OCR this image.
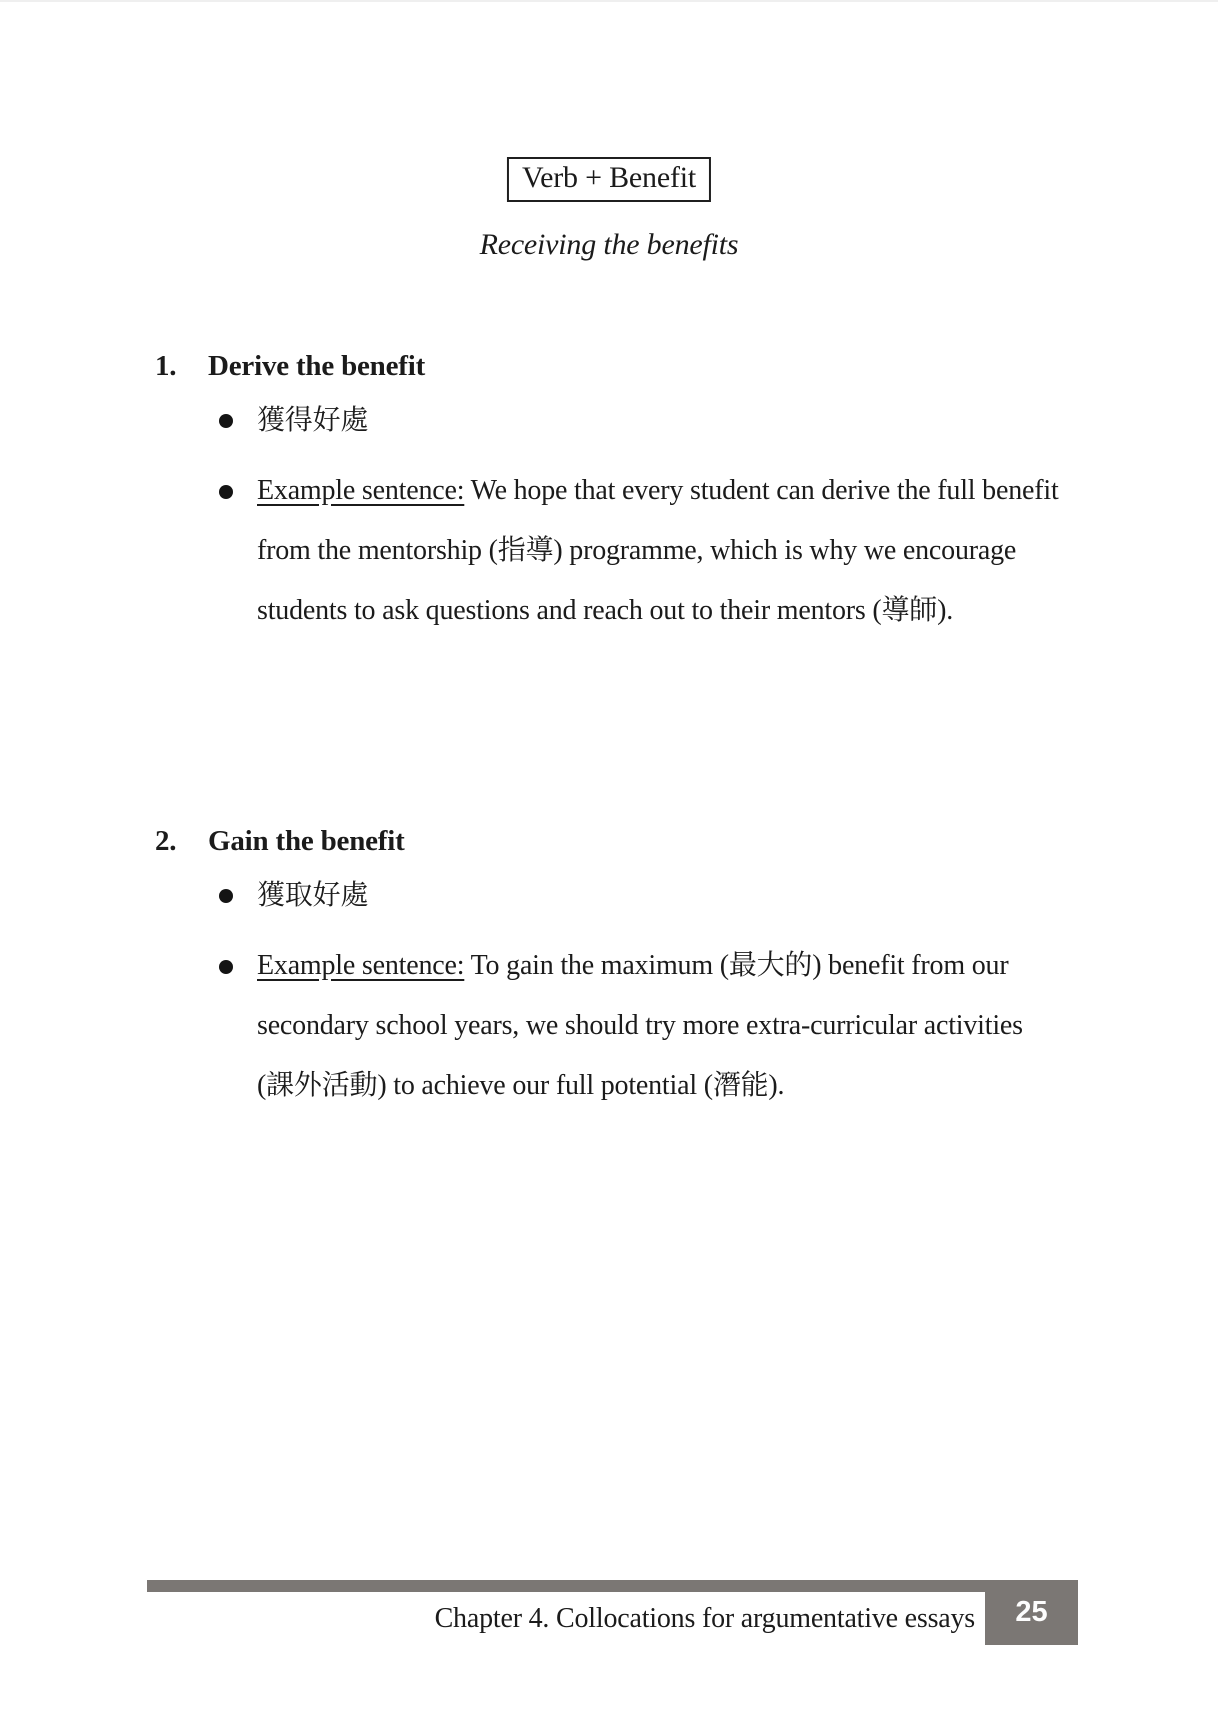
Verb + Benefit
Receiving the benefits
1. Derive the benefit
獲得好處

Example sentence: We hope that every student can derive the full benefit from the mentorship (指導) programme, which is why we encourage students to ask questions and reach out to their mentors (導師).

2. Gain the benefit
獲取好處

Example sentence: To gain the maximum (最大的) benefit from our secondary school years, we should try more extra-curricular activities (課外活動) to achieve our full potential (潛能).

Chapter 4. Collocations for argumentative essays 25
